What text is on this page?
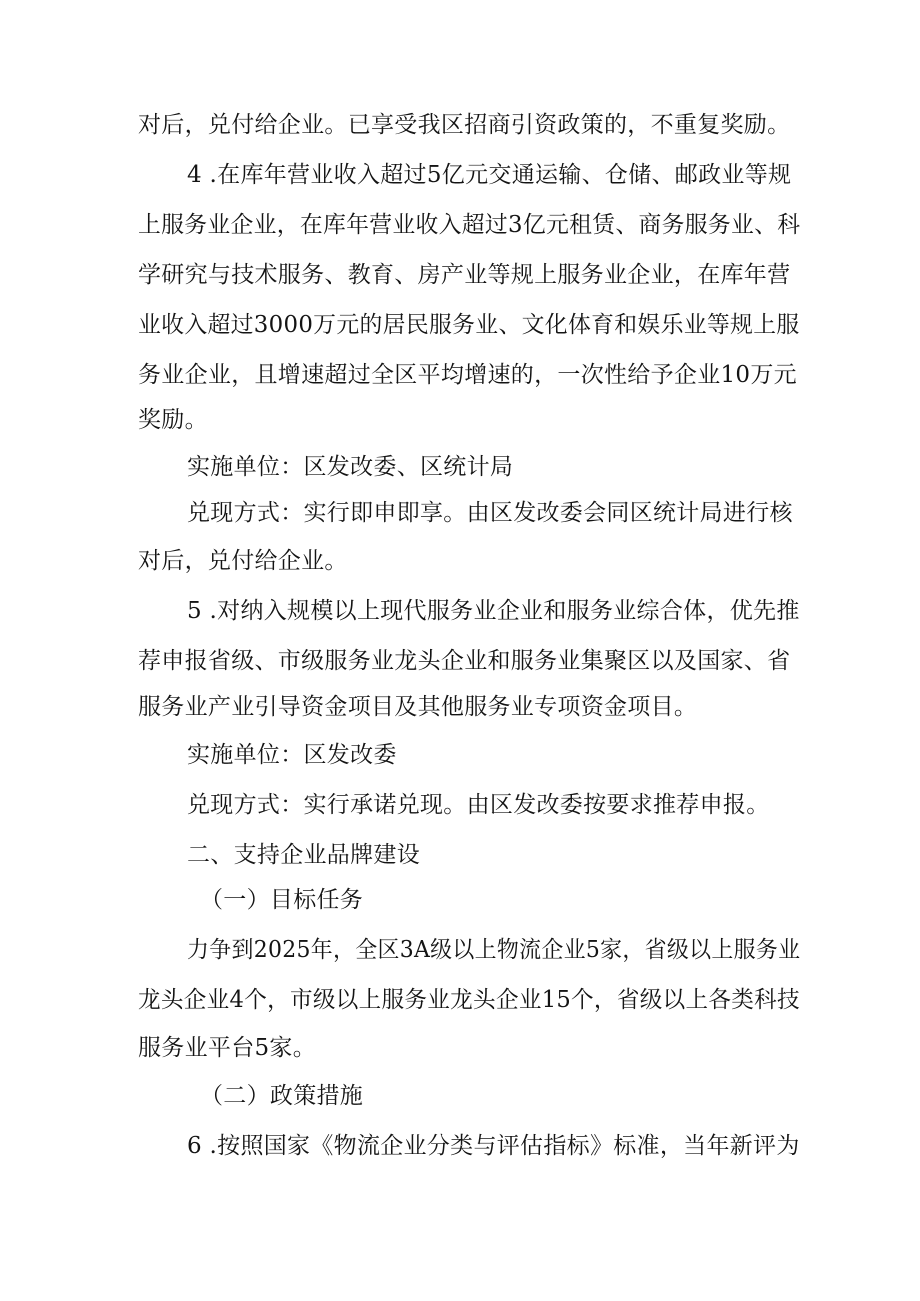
对后，兑付给企业。已享受我区招商引资政策的，不重复奖励。
4 .在库年营业收入超过5亿元交通运输、仓储、邮政业等规
上服务业企业，在库年营业收入超过3亿元租赁、商务服务业、科
学研究与技术服务、教育、房产业等规上服务业企业，在库年营
业收入超过3000万元的居民服务业、文化体育和娱乐业等规上服
务业企业，且增速超过全区平均增速的，一次性给予企业10万元
奖励。
实施单位：区发改委、区统计局
兑现方式：实行即申即享。由区发改委会同区统计局进行核
对后，兑付给企业。
5 .对纳入规模以上现代服务业企业和服务业综合体，优先推
荐申报省级、市级服务业龙头企业和服务业集聚区以及国家、省
服务业产业引导资金项目及其他服务业专项资金项目。
实施单位：区发改委
兑现方式：实行承诺兑现。由区发改委按要求推荐申报。
二、支持企业品牌建设
（一）目标任务
力争到2025年，全区3A级以上物流企业5家，省级以上服务业
龙头企业4个，市级以上服务业龙头企业15个，省级以上各类科技
服务业平台5家。
（二）政策措施
6 .按照国家《物流企业分类与评估指标》标准，当年新评为
